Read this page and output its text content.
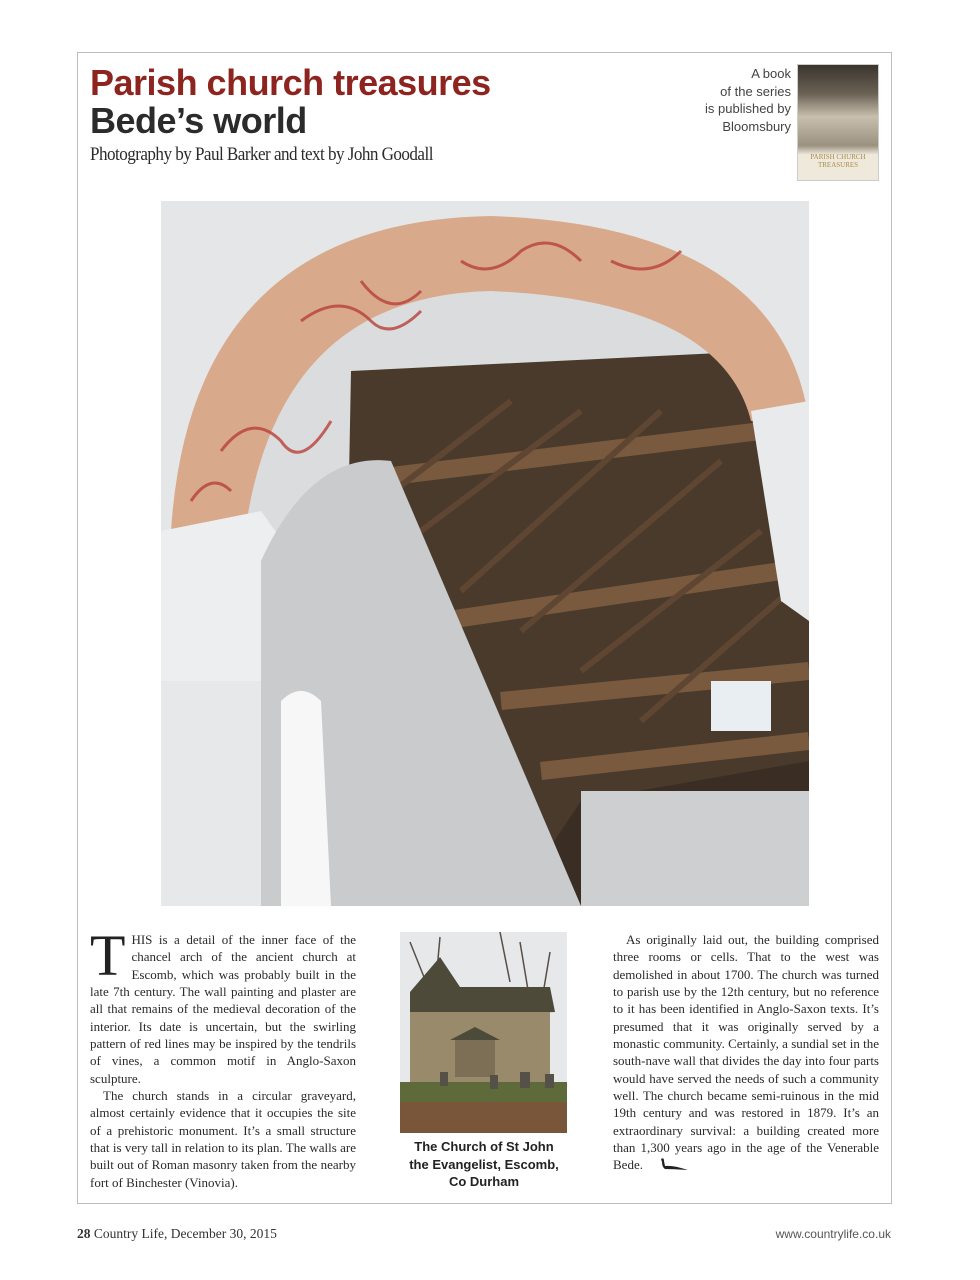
Parish church treasures
Bede’s world
Photography by Paul Barker and text by John Goodall
A book
of the series
is published by
Bloomsbury
PARISH CHURCH TREASURES

THIS is a detail of the inner face of the chancel arch of the ancient church at Escomb, which was probably built in the late 7th century. The wall painting and plaster are all that remains of the medieval decoration of the interior. Its date is uncertain, but the swirling pattern of red lines may be inspired by the tendrils of vines, a common motif in Anglo-Saxon sculpture.

The church stands in a circular graveyard, almost certainly evidence that it occupies the site of a prehistoric monument. It’s a small structure that is very tall in relation to its plan. The walls are built out of Roman masonry taken from the nearby fort of Binchester (Vinovia).

The Church of St John
the Evangelist, Escomb,
Co Durham

As originally laid out, the building comprised three rooms or cells. That to the west was demolished in about 1700. The church was turned to parish use by the 12th century, but no reference to it has been identified in Anglo-Saxon texts. It’s presumed that it was originally served by a monastic community. Certainly, a sundial set in the south-nave wall that divides the day into four parts would have served the needs of such a community well. The church became semi-ruinous in the mid 19th century and was restored in 1879. It’s an extraordinary survival: a building created more than 1,300 years ago in the age of the Venerable Bede.

28 Country Life, December 30, 2015	www.countrylife.co.uk
